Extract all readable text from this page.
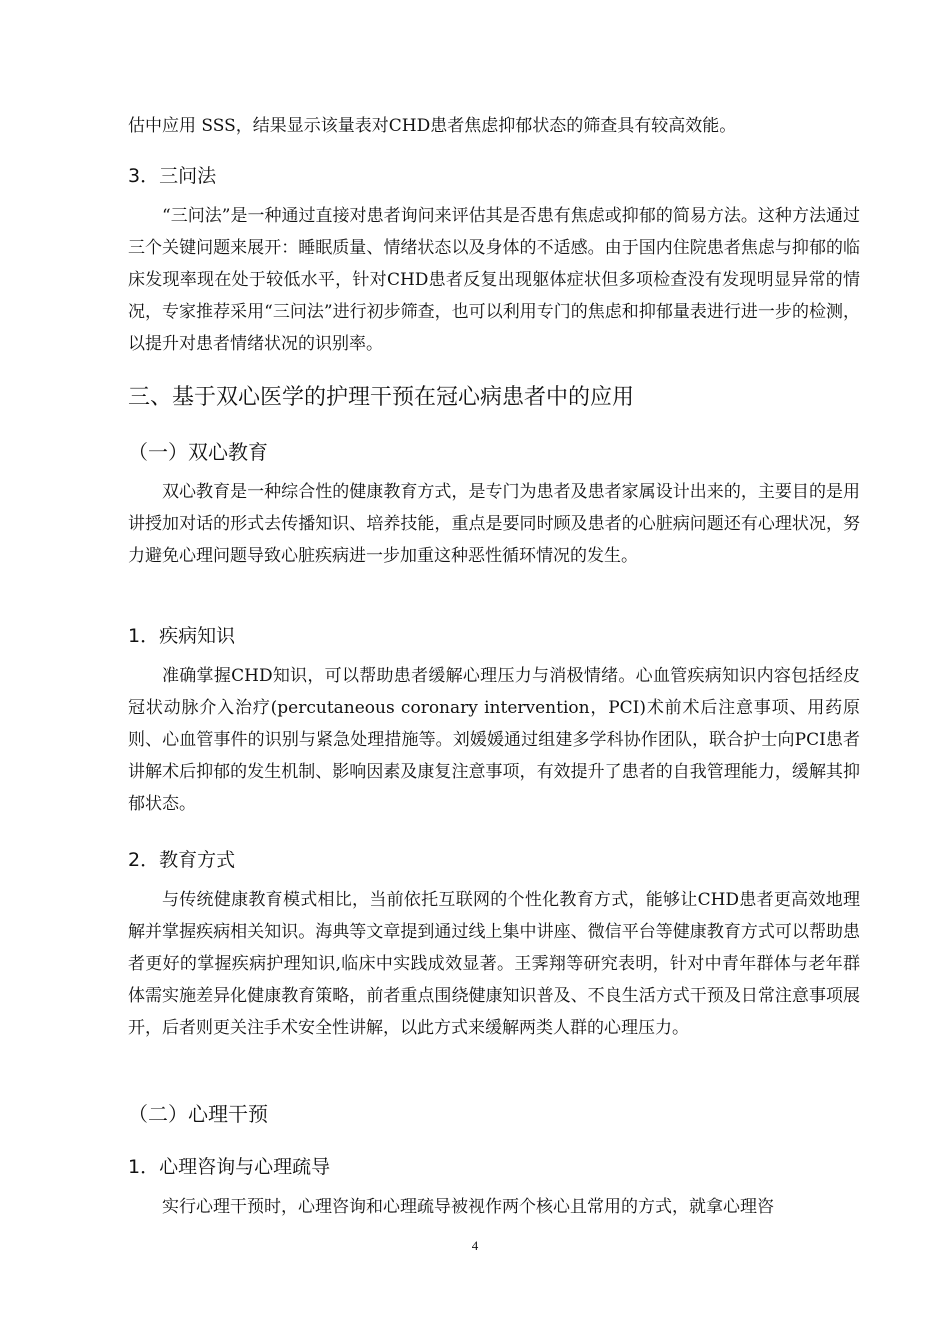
估中应用 SSS，结果显示该量表对CHD患者焦虑抑郁状态的筛查具有较高效能。

3．三问法

“三问法”是一种通过直接对患者询问来评估其是否患有焦虑或抑郁的简易方法。这种方法通过三个关键问题来展开：睡眠质量、情绪状态以及身体的不适感。由于国内住院患者焦虑与抑郁的临床发现率现在处于较低水平，针对CHD患者反复出现躯体症状但多项检查没有发现明显异常的情况，专家推荐采用“三问法”进行初步筛查，也可以利用专门的焦虑和抑郁量表进行进一步的检测，以提升对患者情绪状况的识别率。

三、基于双心医学的护理干预在冠心病患者中的应用
（一）双心教育

双心教育是一种综合性的健康教育方式，是专门为患者及患者家属设计出来的，主要目的是用讲授加对话的形式去传播知识、培养技能，重点是要同时顾及患者的心脏病问题还有心理状况，努力避免心理问题导致心脏疾病进一步加重这种恶性循环情况的发生。

1．疾病知识

准确掌握CHD知识，可以帮助患者缓解心理压力与消极情绪。心血管疾病知识内容包括经皮冠状动脉介入治疗(percutaneous coronary intervention，PCI)术前术后注意事项、用药原则、心血管事件的识别与紧急处理措施等。刘媛媛通过组建多学科协作团队，联合护士向PCI患者讲解术后抑郁的发生机制、影响因素及康复注意事项，有效提升了患者的自我管理能力，缓解其抑郁状态。

2．教育方式

与传统健康教育模式相比，当前依托互联网的个性化教育方式，能够让CHD患者更高效地理解并掌握疾病相关知识。海典等文章提到通过线上集中讲座、微信平台等健康教育方式可以帮助患者更好的掌握疾病护理知识,临床中实践成效显著。王霁翔等研究表明，针对中青年群体与老年群体需实施差异化健康教育策略，前者重点围绕健康知识普及、不良生活方式干预及日常注意事项展开，后者则更关注手术安全性讲解，以此方式来缓解两类人群的心理压力。

（二）心理干预
1．心理咨询与心理疏导

实行心理干预时，心理咨询和心理疏导被视作两个核心且常用的方式，就拿心理咨

4
